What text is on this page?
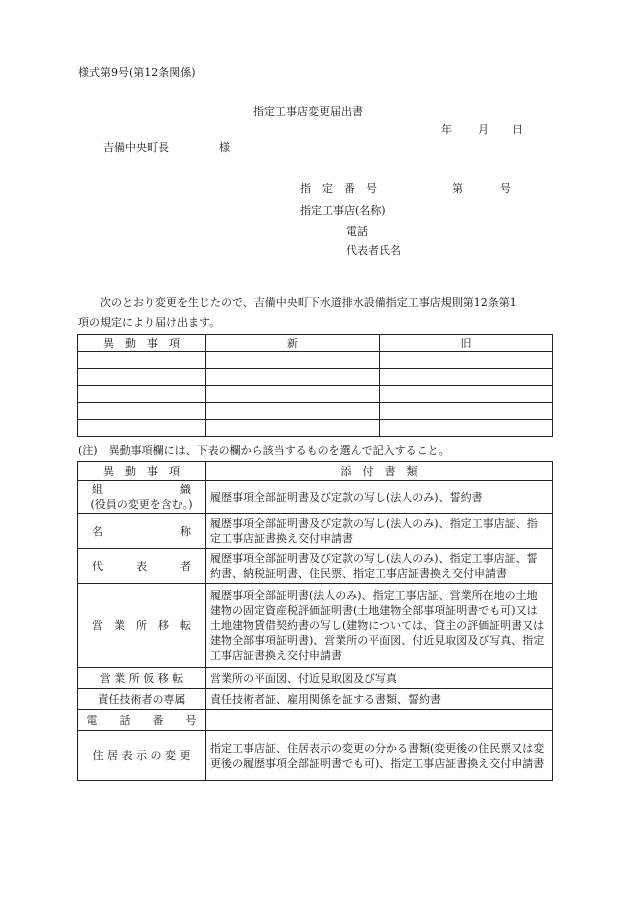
様式第9号(第12条関係)
指定工事店変更届出書
年 月 日
吉備中央町長	様
指　定　番　号	第	号
指定工事店(名称)
電話
代表者氏名
次のとおり変更を生じたので、吉備中央町下水道排水設備指定工事店規則第12条第1
項の規定により届け出ます。
異　動　事　項	新	旧

(注)　異動事項欄には、下表の欄から該当するものを選んで記入すること。
異　動　事　項	添　付　書　類

組　　　　　　　織
(役員の変更を含む。)	履歴事項全部証明書及び定款の写し(法人のみ)、誓約書
名　　　　　　　称	履歴事項全部証明書及び定款の写し(法人のみ)、指定工事店証、指定工事店証書換え交付申請書
代　　　表　　　者	履歴事項全部証明書及び定款の写し(法人のみ)、指定工事店証、誓約書、納税証明書、住民票、指定工事店証書換え交付申請書
営　業　所　移　転	履歴事項全部証明書(法人のみ)、指定工事店証、営業所在地の土地建物の固定資産税評価証明書(土地建物全部事項証明書でも可)又は土地建物賃借契約書の写し(建物については、貸主の評価証明書又は建物全部事項証明書)、営業所の平面図、付近見取図及び写真、指定工事店証書換え交付申請書
営 業 所 仮 移 転	営業所の平面図、付近見取図及び写真
責任技術者の専属	責任技術者証、雇用関係を証する書類、誓約書
電　　話　　番　　号	
住 居 表 示 の 変 更	指定工事店証、住居表示の変更の分かる書類(変更後の住民票又は変更後の履歴事項全部証明書でも可)、指定工事店証書換え交付申請書
